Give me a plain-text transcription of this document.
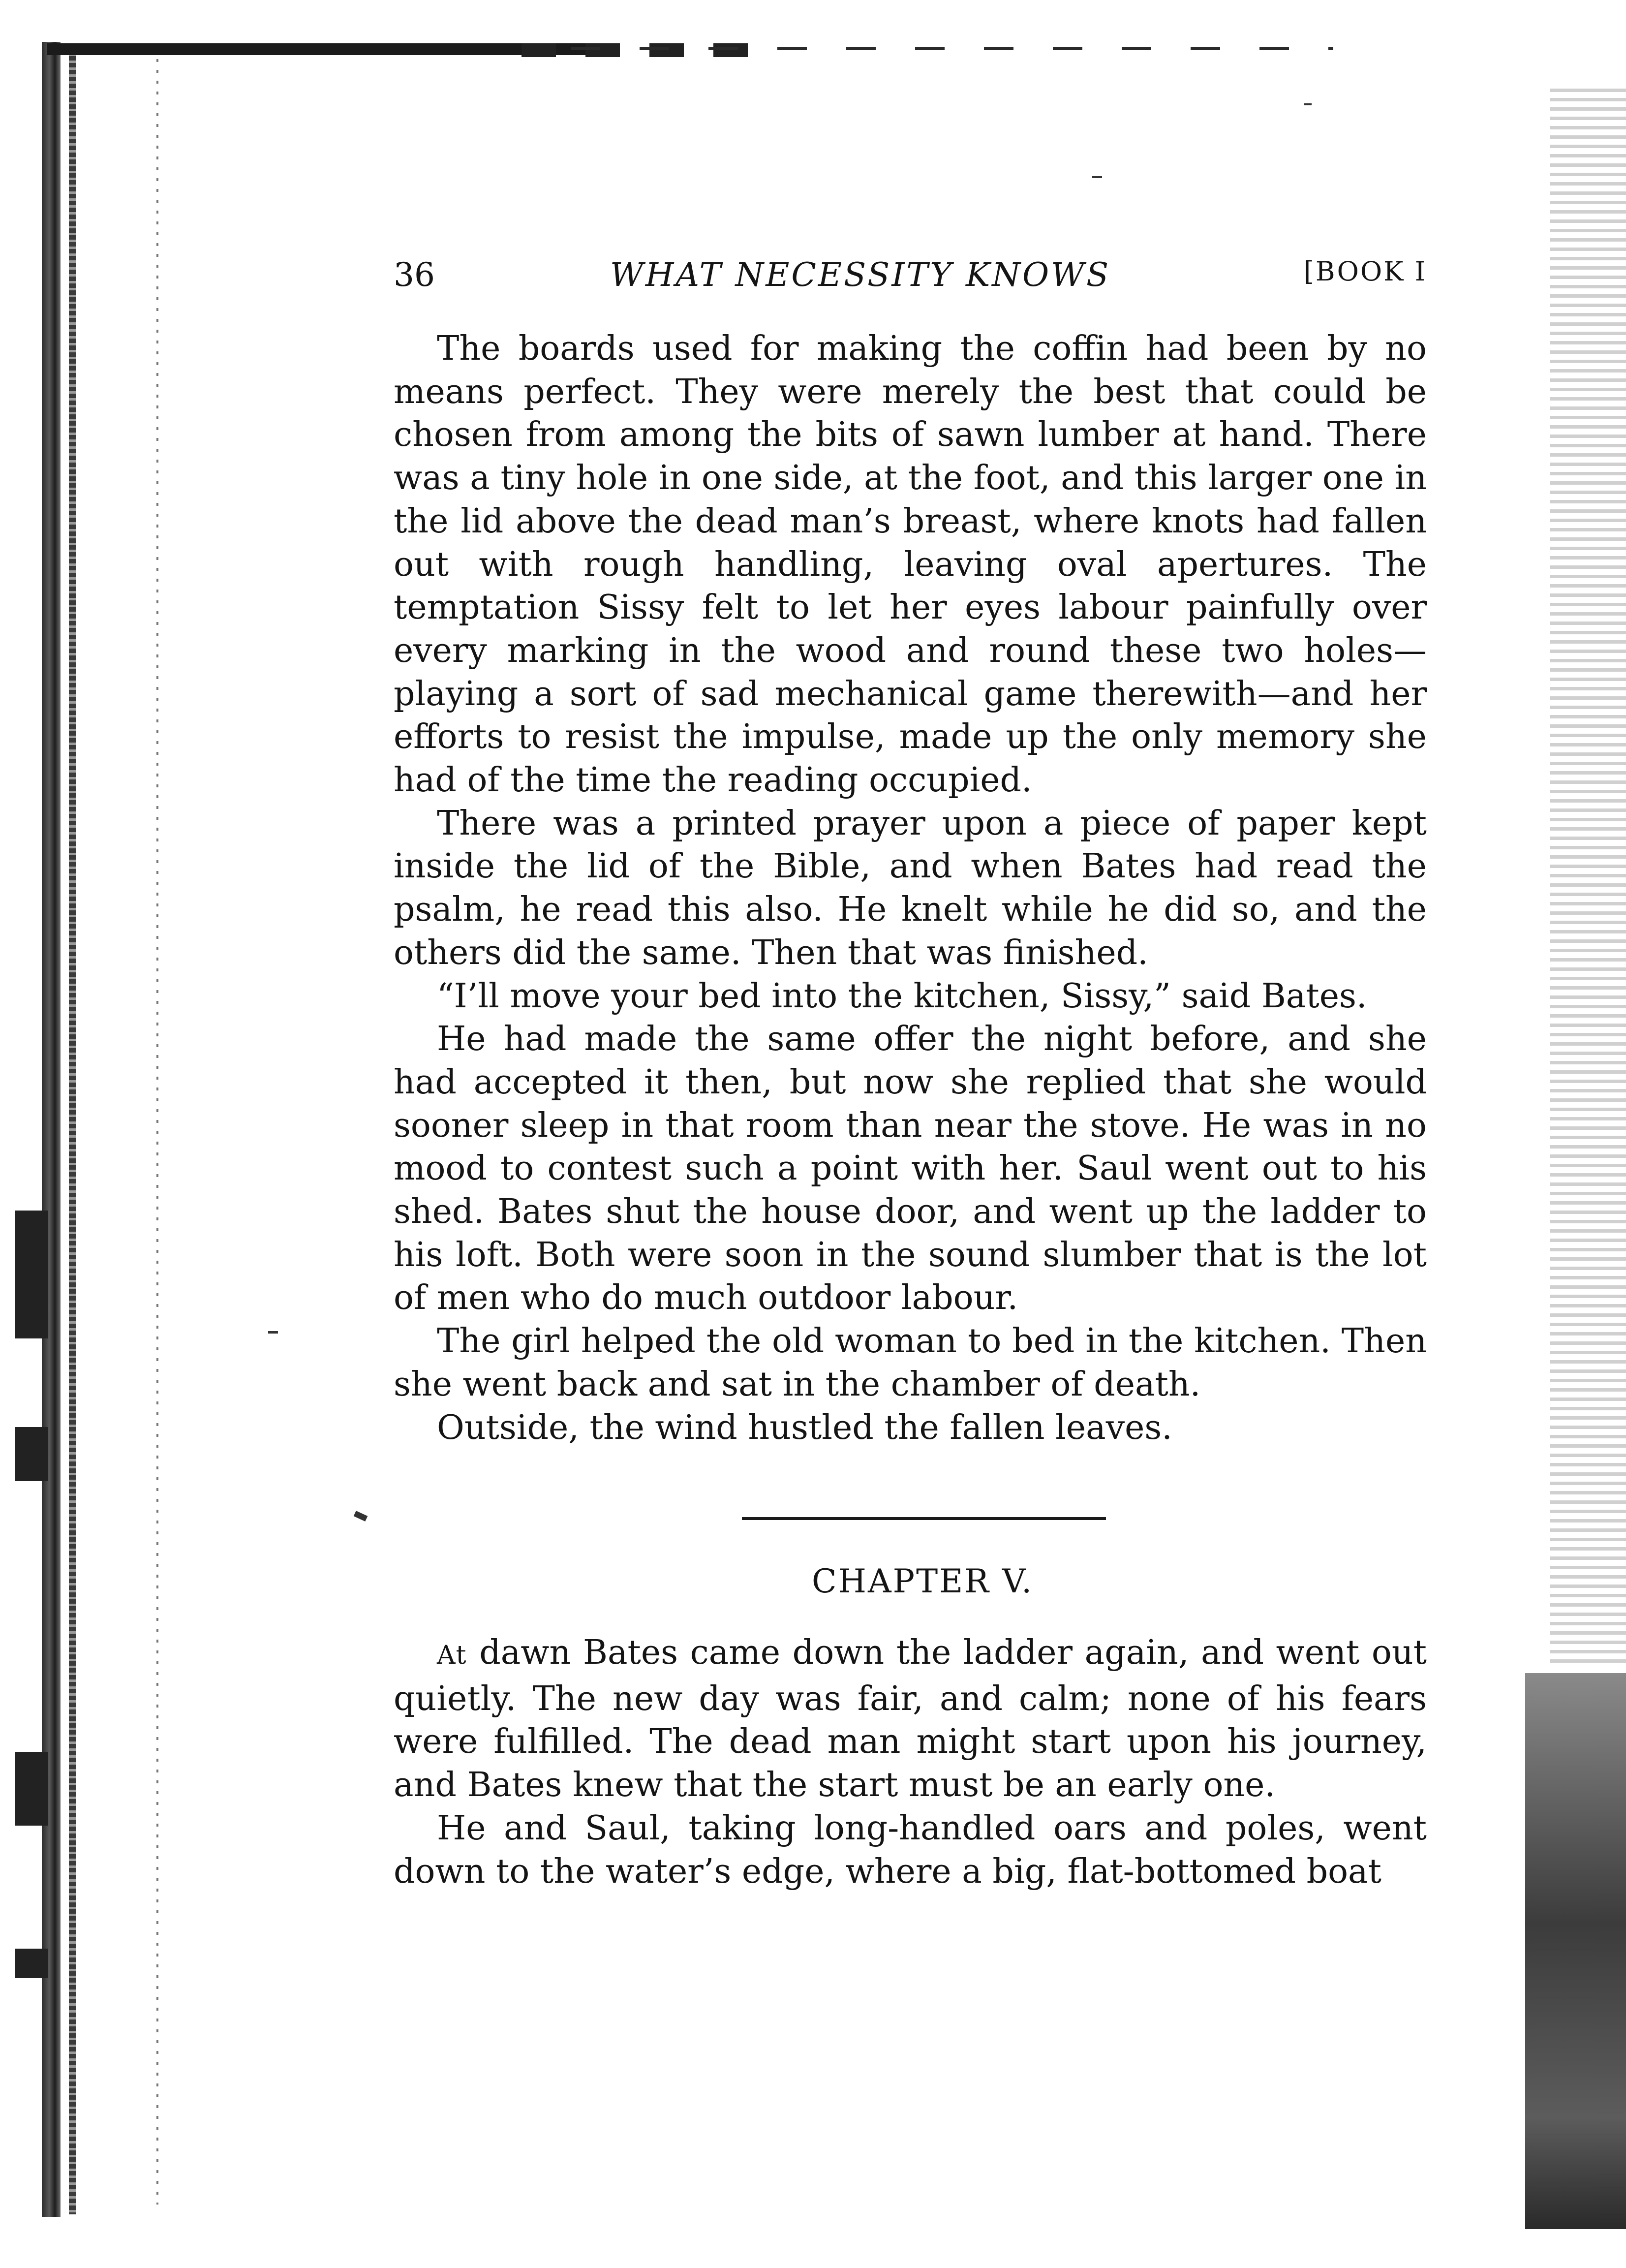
36	WHAT NECESSITY KNOWS	[BOOK I

The boards used for making the coffin had been by no means perfect. They were merely the best that could be chosen from among the bits of sawn lumber at hand. There was a tiny hole in one side, at the foot, and this larger one in the lid above the dead man’s breast, where knots had fallen out with rough handling, leaving oval apertures. The temptation Sissy felt to let her eyes labour painfully over every marking in the wood and round these two holes—playing a sort of sad mechanical game therewith—and her efforts to resist the impulse, made up the only memory she had of the time the reading occupied.

There was a printed prayer upon a piece of paper kept inside the lid of the Bible, and when Bates had read the psalm, he read this also. He knelt while he did so, and the others did the same. Then that was finished.

“I’ll move your bed into the kitchen, Sissy,” said Bates.

He had made the same offer the night before, and she had accepted it then, but now she replied that she would sooner sleep in that room than near the stove. He was in no mood to contest such a point with her. Saul went out to his shed. Bates shut the house door, and went up the ladder to his loft. Both were soon in the sound slumber that is the lot of men who do much outdoor labour.

The girl helped the old woman to bed in the kitchen. Then she went back and sat in the chamber of death.

Outside, the wind hustled the fallen leaves.

CHAPTER V.

At dawn Bates came down the ladder again, and went out quietly. The new day was fair, and calm; none of his fears were fulfilled. The dead man might start upon his journey, and Bates knew that the start must be an early one.

He and Saul, taking long-handled oars and poles, went down to the water’s edge, where a big, flat-bottomed boat
